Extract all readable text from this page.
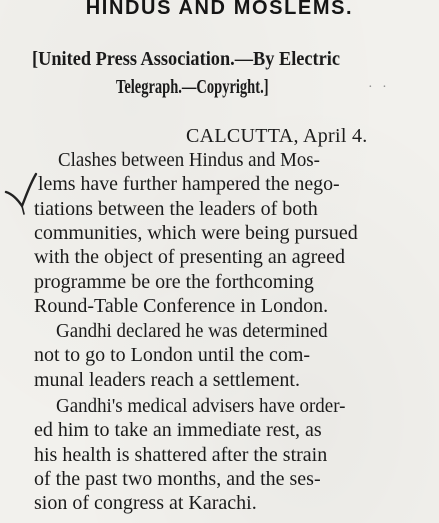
HINDUS AND MOSLEMS.
[United Press Association.—By Electric
Telegraph.—Copyright.]	· ·
CALCUTTA, April 4.
Clashes between Hindus and Mos-
lems have further hampered the nego-
tiations between the leaders of both
communities, which were being pursued
with the object of presenting an agreed
programme be ore the forthcoming
Round-Table Conference in London.
Gandhi declared he was determined
not to go to London until the com-
munal leaders reach a settlement.
Gandhi's medical advisers have order-
ed him to take an immediate rest, as
his health is shattered after the strain
of the past two months, and the ses-
sion of congress at Karachi.
